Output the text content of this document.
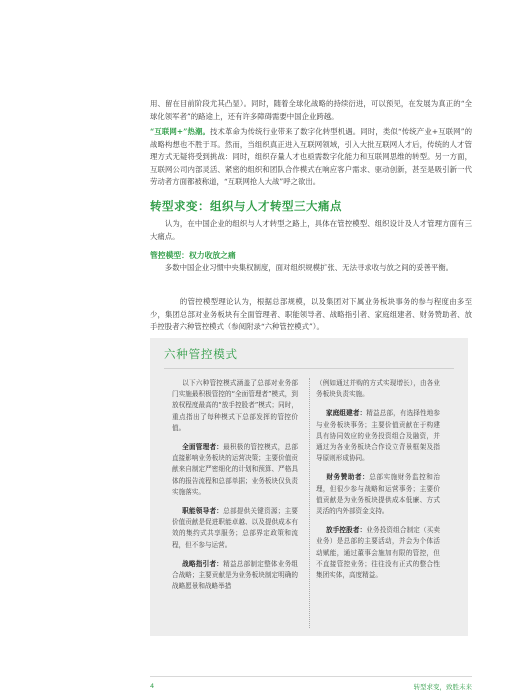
用、留在目前阶段尤其凸显）。同时，随着全球化战略的持续衍进，可以预见，在发展为真正的“全球化领军者”的路途上，还有许多障碍需要中国企业跨越。
“互联网+”热潮。技术革命为传统行业带来了数字化转型机遇。同时，类似“传统产业+互联网”的战略构想也不胜于耳。然而，当组织真正进入互联网领域，引入大批互联网人才后，传统的人才管理方式无疑将受到挑战：同时，组织存量人才也亟需数字化能力和互联网思维的转型。另一方面，互联网公司内部灵活、紧密的组织和团队合作模式在响应客户需求、驱动创新，甚至是吸引新一代劳动者方面都被称道，“互联网抢人大战”呼之欲出。
转型求变：组织与人才转型三大痛点
认为，在中国企业的组织与人才转型之路上，具体在管控模型、组织设计及人才管理方面有三大痛点。
管控模型：权力收放之痛
多数中国企业习惯中央集权制度，面对组织规模扩张、无法寻求收与放之间的妥善平衡。
的管控模型理论认为，根据总部规模，以及集团对下属业务板块事务的参与程度由多至少，集团总部对业务板块有全面管理者、职能领导者、战略指引者、家庭组建者、财务赞助者、放手控股者六种管控模式（参阅附录“六种管控模式”）。
六种管控模式

以下六种管控模式涵盖了总部对业务部门实施最积极管控的“全面管理者”模式，到放权程度最高的“放手控股者”模式；同时，重点指出了每种模式下总部发挥的管控价值。

全面管理者：最积极的管控模式，总部直接影响业务板块的运营决策；主要价值贡献来自制定严密细化的计划和预算、严格具体的报告流程和总部单据；业务板块仅负责实施落实。

职能领导者：总部提供关键资源；主要价值贡献是促进职能卓越、以及提供成本有效的集约式共享服务；总部界定政策和流程，但不参与运营。

战略指引者：精益总部制定整体业务组合战略；主要贡献是为业务板块制定明确的战略愿景和战略举措

（例如通过并购的方式实现增长），由各业务板块负责实施。

家庭组建者：精益总部，有选择性地参与业务板块事务；主要价值贡献在于构建具有协同效应的业务投资组合及融资，并通过为各业务板块合作设立背景框架及指导原则形成协同。

财务赞助者：总部实施财务监控和治理，但很少参与战略和运营事务；主要价值贡献是为业务板块提供成本低廉、方式灵活的内外部资金支持。

放手控股者：业务投资组合制定（买卖业务）是总部的主要活动，并会为个体活动赋能，通过董事会施加有限的管控，但不直接管控业务；往往没有正式的整合性集团实体，高度精益。

4	转型求变，致胜未来
